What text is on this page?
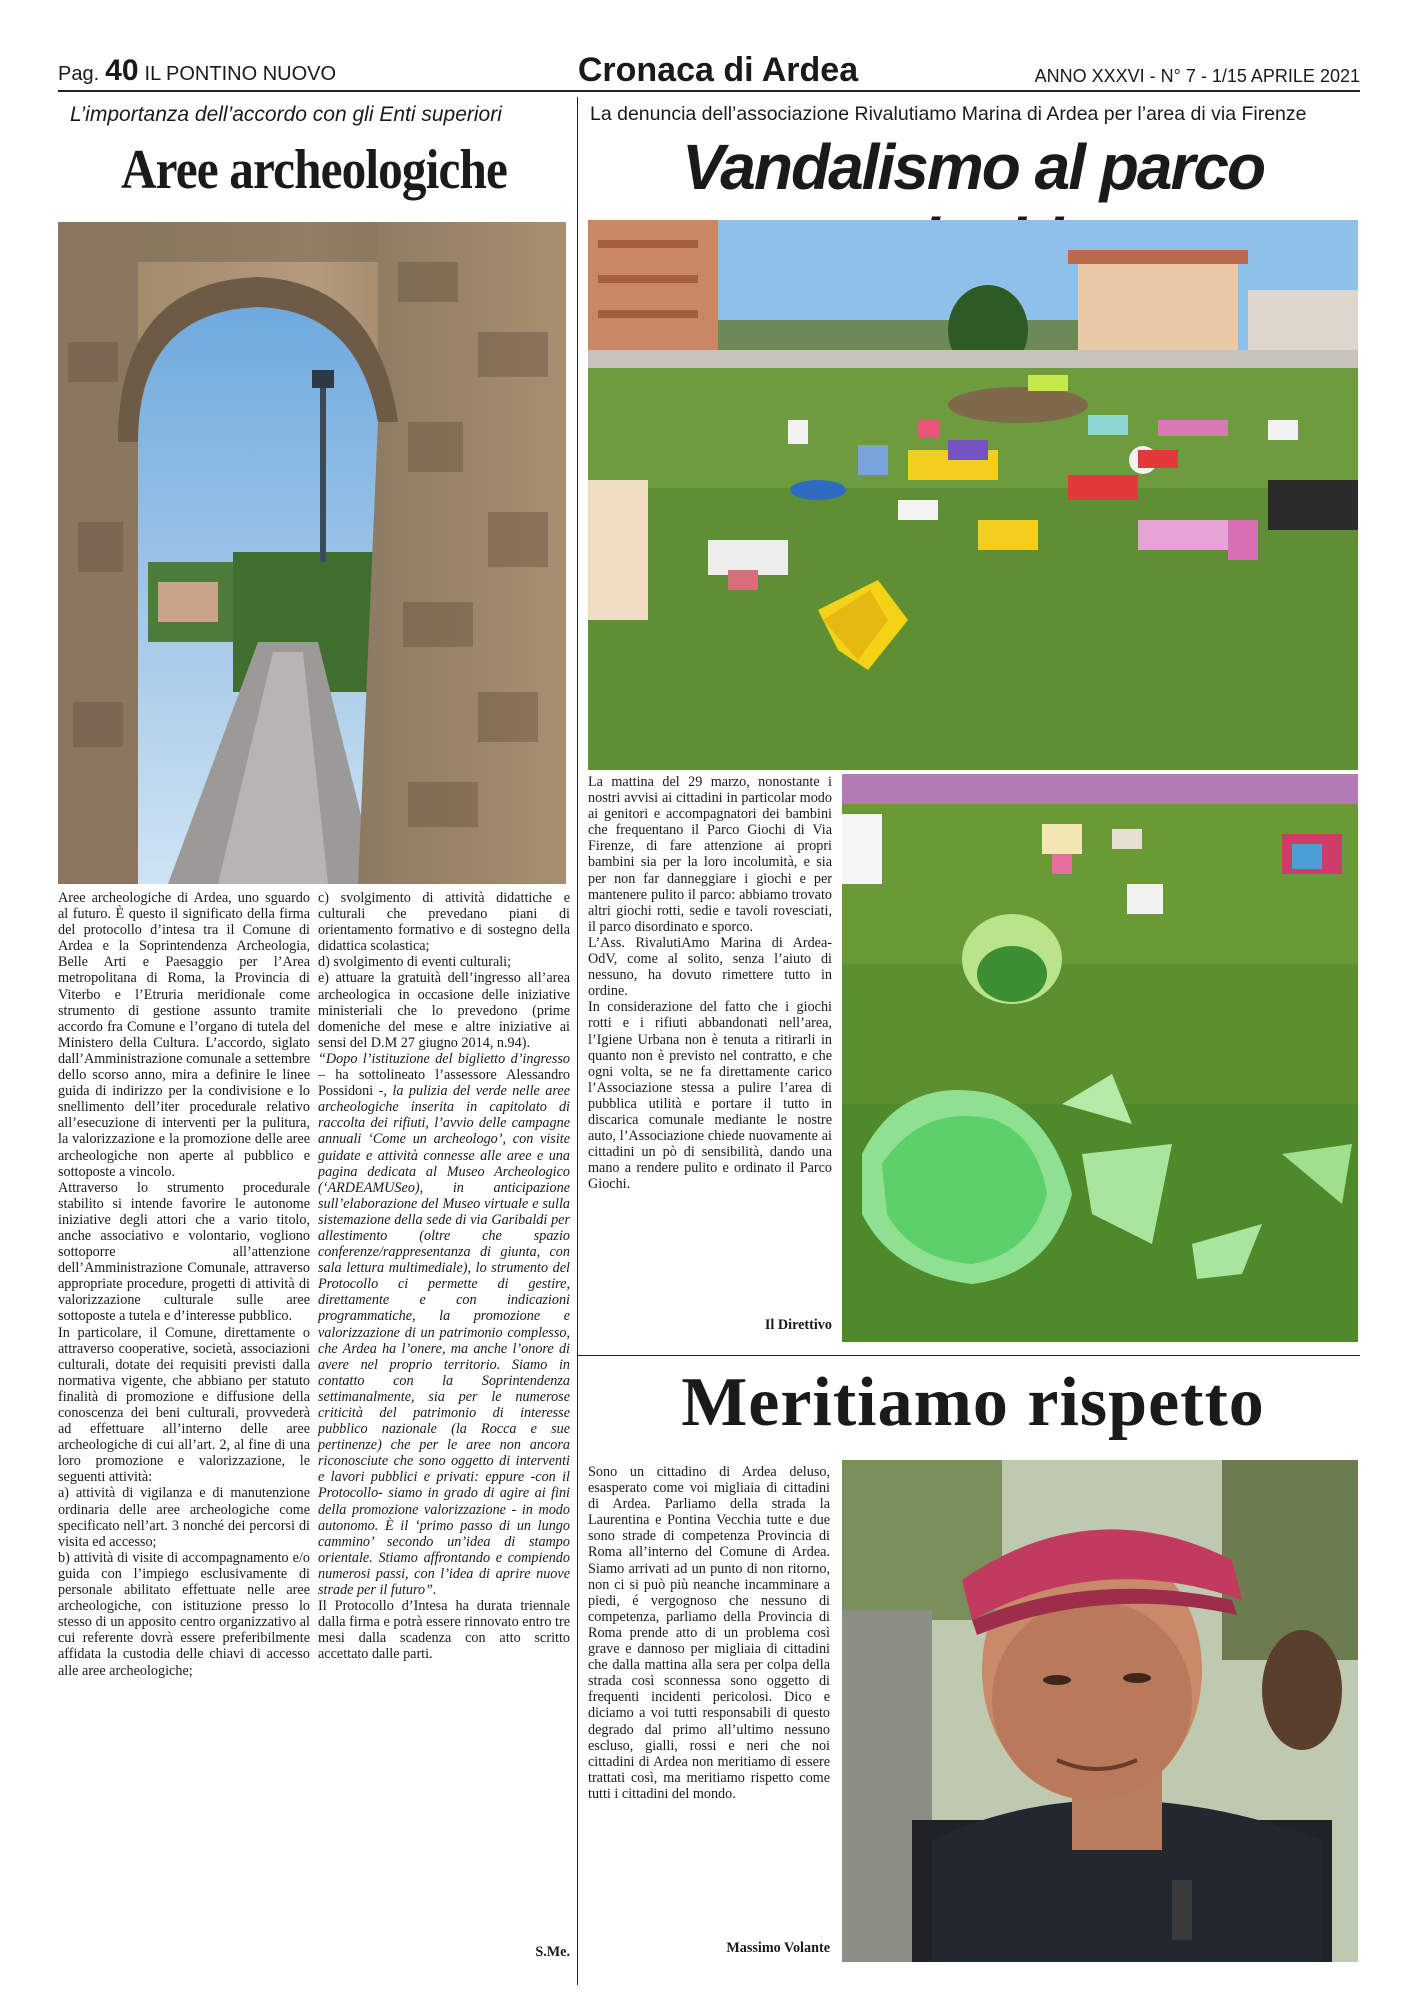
Pag. 40 IL PONTINO NUOVO	Cronaca di Ardea	ANNO XXXVI - N° 7 - 1/15 APRILE 2021
L’importanza dell’accordo con gli Enti superiori
Aree archeologiche

Aree archeologiche di Ardea, uno sguardo al futuro. È questo il significato della firma del protocollo d’intesa tra il Comune di Ardea e la Soprintendenza Archeologia, Belle Arti e Paesaggio per l’Area metropolitana di Roma, la Provincia di Viterbo e l’Etruria meridionale come strumento di gestione assunto tramite accordo fra Comune e l’organo di tutela del Ministero della Cultura. L’accordo, siglato dall’Amministrazione comunale a settembre dello scorso anno, mira a definire le linee guida di indirizzo per la condivisione e lo snellimento dell’iter procedurale relativo all’esecuzione di interventi per la pulitura, la valorizzazione e la promozione delle aree archeologiche non aperte al pubblico e sottoposte a vincolo.

Attraverso lo strumento procedurale stabilito si intende favorire le autonome iniziative degli attori che a vario titolo, anche associativo e volontario, vogliono sottoporre all’attenzione dell’Amministrazione Comunale, attraverso appropriate procedure, progetti di attività di valorizzazione culturale sulle aree sottoposte a tutela e d’interesse pubblico.

In particolare, il Comune, direttamente o attraverso cooperative, società, associazioni culturali, dotate dei requisiti previsti dalla normativa vigente, che abbiano per statuto finalità di promozione e diffusione della conoscenza dei beni culturali, provvederà ad effettuare all’interno delle aree archeologiche di cui all’art. 2, al fine di una loro promozione e valorizzazione, le seguenti attività:

a) attività di vigilanza e di manutenzione ordinaria delle aree archeologiche come specificato nell’art. 3 nonché dei percorsi di visita ed accesso;

b) attività di visite di accompagnamento e/o guida con l’impiego esclusivamente di personale abilitato effettuate nelle aree archeologiche, con istituzione presso lo stesso di un apposito centro organizzativo al cui referente dovrà essere preferibilmente affidata la custodia delle chiavi di accesso alle aree archeologiche;

c) svolgimento di attività didattiche e culturali che prevedano piani di orientamento formativo e di sostegno della didattica scolastica;

d) svolgimento di eventi culturali;

e) attuare la gratuità dell’ingresso all’area archeologica in occasione delle iniziative ministeriali che lo prevedono (prime domeniche del mese e altre iniziative ai sensi del D.M 27 giugno 2014, n.94).

“Dopo l’istituzione del biglietto d’ingresso – ha sottolineato l’assessore Alessandro Possidoni -, la pulizia del verde nelle aree archeologiche inserita in capitolato di raccolta dei rifiuti, l’avvio delle campagne annuali ‘Come un archeologo’, con visite guidate e attività connesse alle aree e una pagina dedicata al Museo Archeologico (‘ARDEAMUSeo), in anticipazione sull’elaborazione del Museo virtuale e sulla sistemazione della sede di via Garibaldi per allestimento (oltre che spazio conferenze/rappresentanza di giunta, con sala lettura multimediale), lo strumento del Protocollo ci permette di gestire, direttamente e con indicazioni programmatiche, la promozione e valorizzazione di un patrimonio complesso, che Ardea ha l’onere, ma anche l’onore di avere nel proprio territorio. Siamo in contatto con la Soprintendenza settimanalmente, sia per le numerose criticità del patrimonio di interesse pubblico nazionale (la Rocca e sue pertinenze) che per le aree non ancora riconosciute che sono oggetto di interventi e lavori pubblici e privati: eppure -con il Protocollo- siamo in grado di agire ai fini della promozione valorizzazione - in modo autonomo. È il ‘primo passo di un lungo cammino’ secondo un’idea di stampo orientale. Stiamo affrontando e compiendo numerosi passi, con l’idea di aprire nuove strade per il futuro”.

Il Protocollo d’Intesa ha durata triennale dalla firma e potrà essere rinnovato entro tre mesi dalla scadenza con atto scritto accettato dalle parti.

S.Me.
La denuncia dell’associazione Rivalutiamo Marina di Ardea per l’area di via Firenze
Vandalismo al parco

La mattina del 29 marzo, nonostante i nostri avvisi ai cittadini in particolar modo ai genitori e accompagnatori dei bambini che frequentano il Parco Giochi di Via Firenze, di fare attenzione ai propri bambini sia per la loro incolumità, e sia per non far danneggiare i giochi e per mantenere pulito il parco: abbiamo trovato altri giochi rotti, sedie e tavoli rovesciati, il parco disordinato e sporco.

L’Ass. RivalutiAmo Marina di Ardea-OdV, come al solito, senza l’aiuto di nessuno, ha dovuto rimettere tutto in ordine.

In considerazione del fatto che i giochi rotti e i rifiuti abbandonati nell’area, l’Igiene Urbana non è tenuta a ritirarli in quanto non è previsto nel contratto, e che ogni volta, se ne fa direttamente carico l’Associazione stessa a pulire l’area di pubblica utilità e portare il tutto in discarica comunale mediante le nostre auto, l’Associazione chiede nuovamente ai cittadini un pò di sensibilità, dando una mano a rendere pulito e ordinato il Parco Giochi.

Il Direttivo
Meritiamo rispetto

Sono un cittadino di Ardea deluso, esasperato come voi migliaia di cittadini di Ardea. Parliamo della strada la Laurentina e Pontina Vecchia tutte e due sono strade di competenza Provincia di Roma all’interno del Comune di Ardea. Siamo arrivati ad un punto di non ritorno, non ci si può più neanche incamminare a piedi, é vergognoso che nessuno di competenza, parliamo della Provincia di Roma prende atto di un problema così grave e dannoso per migliaia di cittadini che dalla mattina alla sera per colpa della strada così sconnessa sono oggetto di frequenti incidenti pericolosi. Dico e diciamo a voi tutti responsabili di questo degrado dal primo all’ultimo nessuno escluso, gialli, rossi e neri che noi cittadini di Ardea non meritiamo di essere trattati così, ma meritiamo rispetto come tutti i cittadini del mondo.

Massimo Volante
